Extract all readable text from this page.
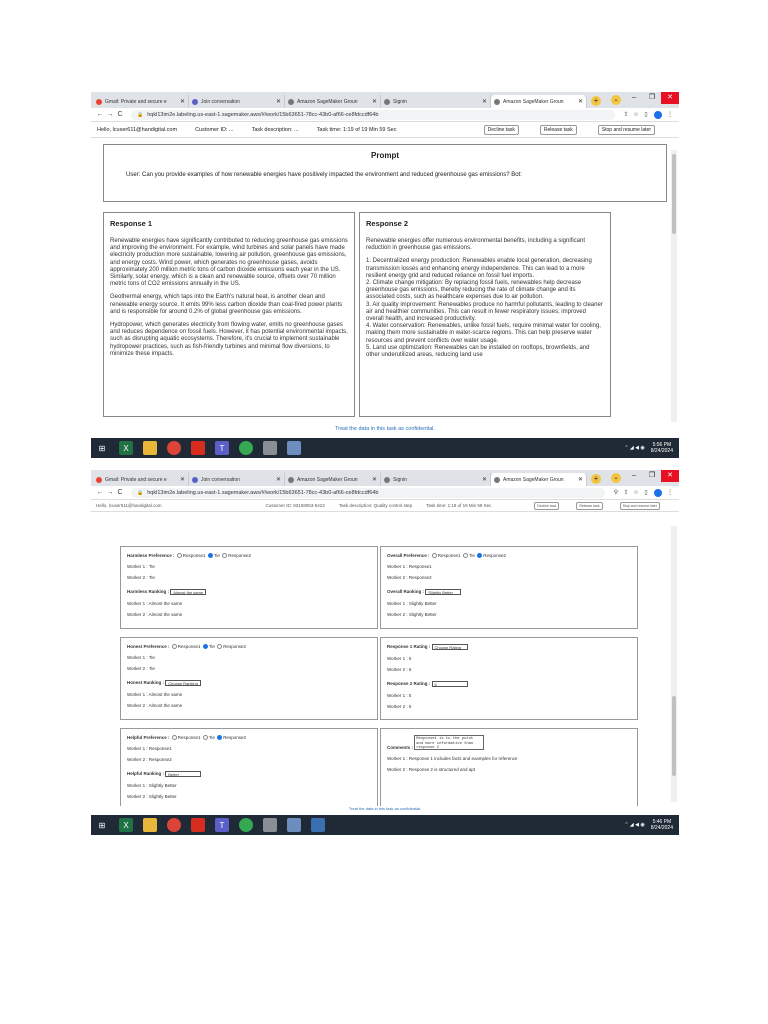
Gmail: Private and secure e	✕	Join conversation	✕	Amazon SageMaker Groun	✕	Signin	✕	Amazon SageMaker Groun	✕	+	⌄	–	❐	✕
← → C	🔒 hqkl13im2e.labeling.us-east-1.sagemaker.aws/#/work/15b63651-78cc-43b0-af66-ce8fdccdf64b	⇪ ☆ ▯	⋮
Hello, lcuser611@handigital.com	Customer ID: ...	Task description: ...	Task time: 1:19 of 19 Min 59 Sec	Decline task	Release task	Stop and resume later
Prompt
User: Can you provide examples of how renewable energies have positively impacted the environment and reduced greenhouse gas emissions? Bot:
Response 1

Renewable energies have significantly contributed to reducing greenhouse gas emissions and improving the environment. For example, wind turbines and solar panels have made electricity production more sustainable, lowering air pollution, greenhouse gas emissions, and energy costs. Wind power, which generates no greenhouse gases, avoids approximately 200 million metric tons of carbon dioxide emissions each year in the US. Similarly, solar energy, which is a clean and renewable source, offsets over 70 million metric tons of CO2 emissions annually in the US.

Geothermal energy, which taps into the Earth's natural heat, is another clean and renewable energy source. It emits 99% less carbon dioxide than coal-fired power plants and is responsible for around 0.2% of global greenhouse gas emissions.

Hydropower, which generates electricity from flowing water, emits no greenhouse gases and reduces dependence on fossil fuels. However, it has potential environmental impacts, such as disrupting aquatic ecosystems. Therefore, it's crucial to implement sustainable hydropower practices, such as fish-friendly turbines and minimal flow diversions, to minimize these impacts.

Response 2

Renewable energies offer numerous environmental benefits, including a significant reduction in greenhouse gas emissions.

1. Decentralized energy production: Renewables enable local generation, decreasing transmission losses and enhancing energy independence. This can lead to a more resilient energy grid and reduced reliance on fossil fuel imports.
2. Climate change mitigation: By replacing fossil fuels, renewables help decrease greenhouse gas emissions, thereby reducing the rate of climate change and its associated costs, such as healthcare expenses due to air pollution.
3. Air quality improvement: Renewables produce no harmful pollutants, leading to cleaner air and healthier communities. This can result in fewer respiratory issues, improved overall health, and increased productivity.
4. Water conservation: Renewables, unlike fossil fuels, require minimal water for cooling, making them more sustainable in water-scarce regions. This can help preserve water resources and prevent conflicts over water usage.
5. Land use optimization: Renewables can be installed on rooftops, brownfields, and other underutilized areas, reducing land use

Treat the data in this task as confidential.
⊞	X	T	⌃ ◢ ◀ ◉	5:56 PM
8/24/2024
Gmail: Private and secure e	✕	Join conversation	✕	Amazon SageMaker Groun	✕	Signin	✕	Amazon SageMaker Groun	✕	+	⌄	–	❐	✕
← → C	🔒 hqkl13im2e.labeling.us-east-1.sagemaker.aws/#/work/15b63651-78cc-43b0-af66-ce8fdccdf64b	⚲ ⇪ ☆ ▯	⋮
Hello, lcuser611@handigital.com	Customer ID: 83159053-5422	Task description: Quality control step	Task time: 1:18 of 19 Min 59 Sec	Decline task	Release task	Stop and resume later
Harmless Preference : Response1 Tie Response2
Worker 1 : Tie
Worker 2 : Tie
Harmless Ranking : Almost the same
Worker 1 : Almost the same
Worker 2 : Almost the same
Overall Preference : Response1 Tie Response2
Worker 1 : Response1
Worker 2 : Response2
Overall Ranking : Slightly Better
Worker 1 : Slightly Better
Worker 2 : Slightly Better
Honest Preference : Response1 Tie Response2
Worker 1 : Tie
Worker 2 : Tie
Honest Ranking : Choose Ranking
Worker 1 : Almost the same
Worker 2 : Almost the same
Response 1 Rating : Choose Rating
Worker 1 : 6
Worker 2 : 6
Response 2 Rating : 6
Worker 1 : 5
Worker 2 : 6
Helpful Preference : Response1 Tie Response2
Worker 1 : Response1
Worker 2 : Response2
Helpful Ranking : Better
Worker 1 : Slightly Better
Worker 2 : Slightly Better
Comments : Response1 is to the point and more informative than response 2
Worker 1 : Response 1 includes facts and examples for reference
Worker 2 : Response 2 is structured and apt
Treat the data in this task as confidential.
⊞	X	T	⌃ ◢ ◀ ◉	5:46 PM
8/24/2024
